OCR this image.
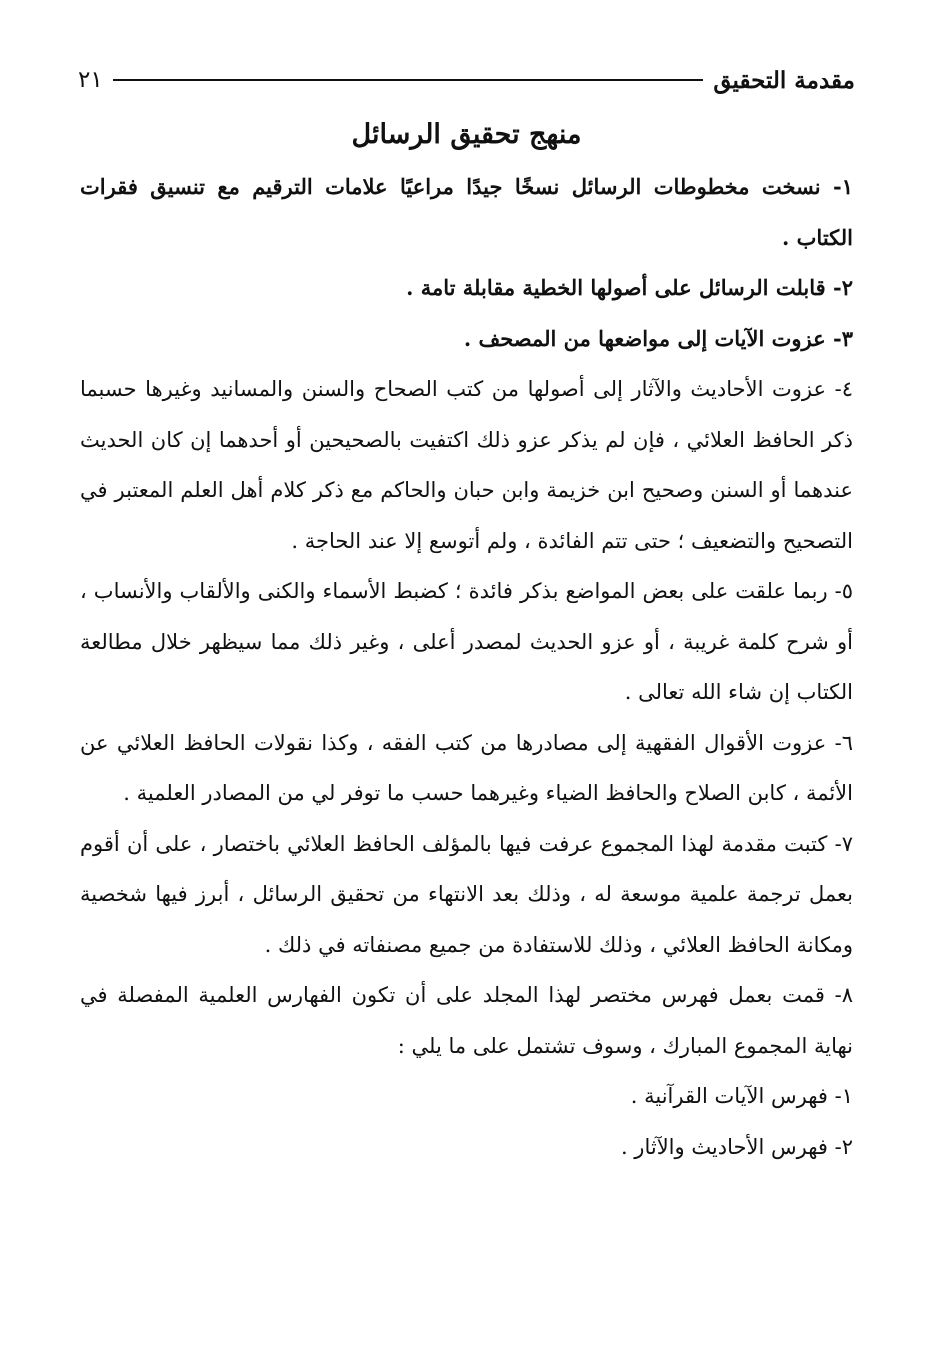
مقدمة التحقيق
٢١
منهج تحقيق الرسائل

١- نسخت مخطوطات الرسائل نسخًا جيدًا مراعيًا علامات الترقيم مع تنسيق فقرات الكتاب .

٢- قابلت الرسائل على أصولها الخطية مقابلة تامة .

٣- عزوت الآيات إلى مواضعها من المصحف .

٤- عزوت الأحاديث والآثار إلى أصولها من كتب الصحاح والسنن والمسانيد وغيرها حسبما ذكر الحافظ العلائي ، فإن لم يذكر عزو ذلك اكتفيت بالصحيحين أو أحدهما إن كان الحديث عندهما أو السنن وصحيح ابن خزيمة وابن حبان والحاكم مع ذكر كلام أهل العلم المعتبر في التصحيح والتضعيف ؛ حتى تتم الفائدة ، ولم أتوسع إلا عند الحاجة .

٥- ربما علقت على بعض المواضع بذكر فائدة ؛ كضبط الأسماء والكنى والألقاب والأنساب ، أو شرح كلمة غريبة ، أو عزو الحديث لمصدر أعلى ، وغير ذلك مما سيظهر خلال مطالعة الكتاب إن شاء الله تعالى .

٦- عزوت الأقوال الفقهية إلى مصادرها من كتب الفقه ، وكذا نقولات الحافظ العلائي عن الأئمة ، كابن الصلاح والحافظ الضياء وغيرهما حسب ما توفر لي من المصادر العلمية .

٧- كتبت مقدمة لهذا المجموع عرفت فيها بالمؤلف الحافظ العلائي باختصار ، على أن أقوم بعمل ترجمة علمية موسعة له ، وذلك بعد الانتهاء من تحقيق الرسائل ، أبرز فيها شخصية ومكانة الحافظ العلائي ، وذلك للاستفادة من جميع مصنفاته في ذلك .

٨- قمت بعمل فهرس مختصر لهذا المجلد على أن تكون الفهارس العلمية المفصلة في نهاية المجموع المبارك ، وسوف تشتمل على ما يلي :

١- فهرس الآيات القرآنية .

٢- فهرس الأحاديث والآثار .
